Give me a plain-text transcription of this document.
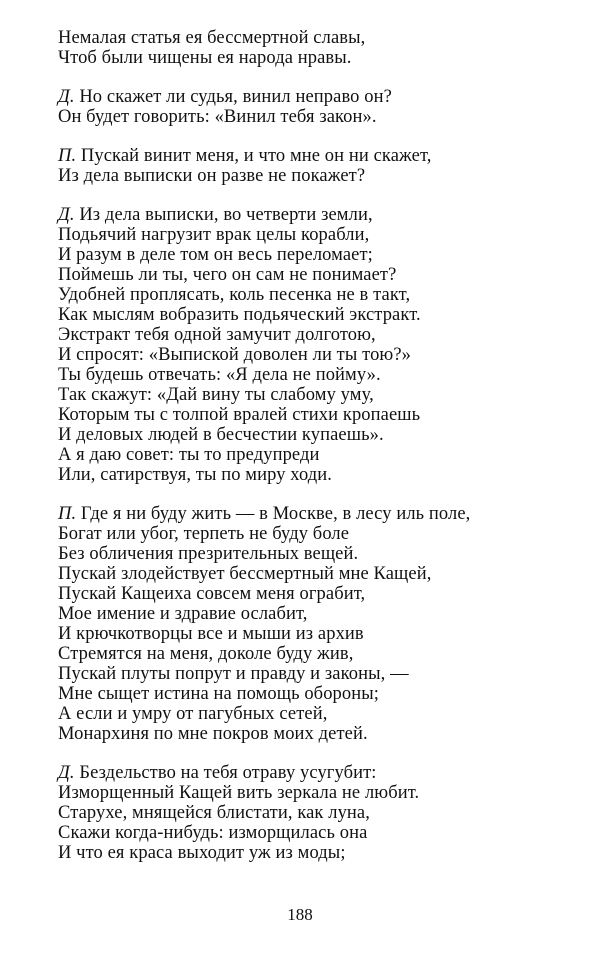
Немалая статья ея бессмертной славы,
Чтоб были чищены ея народа нравы.
Д. Но скажет ли судья, винил неправо он?
Он будет говорить: «Винил тебя закон».
П. Пускай винит меня, и что мне он ни скажет,
Из дела выписки он разве не покажет?
Д. Из дела выписки, во четверти земли,
Подьячий нагрузит врак целы корабли,
И разум в деле том он весь переломает;
Поймешь ли ты, чего он сам не понимает?
Удобней проплясать, коль песенка не в такт,
Как мыслям вобразить подьяческий экстракт.
Экстракт тебя одной замучит долготою,
И спросят: «Выпиской доволен ли ты тою?»
Ты будешь отвечать: «Я дела не пойму».
Так скажут: «Дай вину ты слабому уму,
Которым ты с толпой вралей стихи кропаешь
И деловых людей в бесчестии купаешь».
А я даю совет: ты то предупреди
Или, сатирствуя, ты по миру ходи.
П. Где я ни буду жить — в Москве, в лесу иль поле,
Богат или убог, терпеть не буду боле
Без обличения презрительных вещей.
Пускай злодействует бессмертный мне Кащей,
Пускай Кащеиха совсем меня ограбит,
Мое имение и здравие ослабит,
И крючкотворцы все и мыши из архив
Стремятся на меня, доколе буду жив,
Пускай плуты попрут и правду и законы, —
Мне сыщет истина на помощь обороны;
А если и умру от пагубных сетей,
Монархиня по мне покров моих детей.
Д. Бездельство на тебя отраву усугубит:
Изморщенный Кащей вить зеркала не любит.
Старухе, мнящейся блистати, как луна,
Скажи когда-нибудь: изморщилась она
И что ея краса выходит уж из моды;
188
